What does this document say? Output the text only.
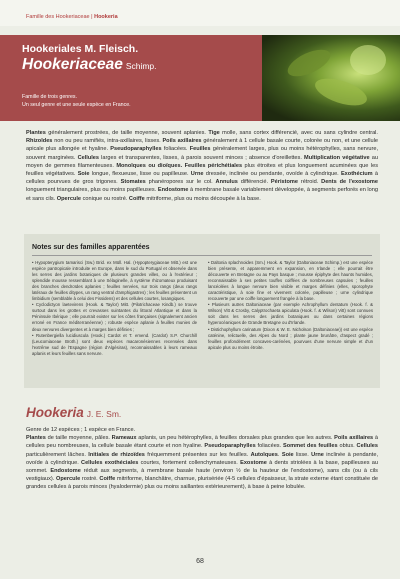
Famille des Hookeriaceae | Hookeria
Hookeriales M. Fleisch.
Hookeriaceae Schimp.
Famille de trois genres.
Un seul genre et une seule espèce en France.
Plantes généralement prostrées, de taille moyenne, souvent aplanies. Tige molle, sans cortex différencié, avec ou sans cylindre central. Rhizoïdes non ou peu ramifiés, intra-axillaires, lisses. Poils axillaires généralement à 1 cellule basale courte, colorée ou non, et une cellule apicale plus allongée et hyaline. Pseudoparaphylles foliacées. Feuilles généralement larges, plus ou moins hétérophylles, sans nervure, souvent marginées. Cellules larges et transparentes, lisses, à parois souvent minces ; absence d'oreillettes. Multiplication végétative au moyen de gemmes filamenteuses. Monoïques ou dioïques. Feuilles périchétiales plus étroites et plus longuement acuminées que les feuilles végétatives. Soie longue, flexueuse, lisse ou papilleuse. Urne dressée, inclinée ou pendante, ovoïde à cylindrique. Exothécium à cellules pourvues de gros trigones. Stomates phanéropores sur le col. Annulus différencié. Péristome rétroid. Dents de l'exostome longuement triangulaires, plus ou moins papilleuses. Endostome à membrane basale variablement développée, à segments perforés en long et sans cils. Opercule conique ou rostré. Coiffe mitriforme, plus ou moins découpée à la base.
Notes sur des familles apparentées

• Hypopterygium tamarisci (Sw.) Brid. ex Müll. Hal. (Hypopterygiaceae Mitt.) est une espèce pantropicale introduite en Europe, dans le sud du Portugal et observée dans les serres des jardins botaniques de plusieurs grandes villes, ou à l'extérieur ; splendide mousse ressemblant à une Sélaginelle, à système rhizomateux produisant des branches dendroïdes aplanies ; feuilles nervées, sur trois rangs (deux rangs latéraux de feuilles ditypes, un rang ventral d'amphigastres) ; les feuilles présentent un limbidium (semblable à celui des Fissidens) et des cellules courtes, losangiques.

• Cyclodictyon laetevirens (Hook. & Taylor) Mitt. (Pilotrichaceae Kindb.) se trouve surtout dans les grottes et crevasses suintantes du littoral Atlantique et dans la Péninsule Ibérique ; elle pourrait exister sur les côtes françaises (signalement ancien erroné en France méditerranéenne) ; robuste espèce aplanie à feuilles munies de deux nervures divergentes et à marges bien définies ;

• Rutenbergiella lucidiuscula (Hook.) Cardot et T. emend. (Cardot) S.P. Churchill (Leucomiaceae Broth.) sont deux espèces macaronésiennes recensées dans l'extrême sud de l'Espagne (région d'Algésiras), reconnaissables à leurs rameaux aplanis et leurs feuilles sans nervure.

• Daltonia splachnoides (Sm.) Hook. & Taylor (Daltoniaceae Schimp.) est une espèce bien présente, et apparemment en expansion, en Irlande ; elle pourrait être découverte en Bretagne ou au Pays basque ; mousse épiphyte des haunts humides, reconnaissable à ses petites touffes coiffées de nombreuses capsules ; feuilles lancéolées à longue nervure bien visible et marges définies (elles, sporophyte caractéristique, à soie fine et vivement colorée, papilleuse ; urne cylindrique recouverte par une coiffe longuement frangée à la base.

• Plusieurs autres Daltoniaceae (par exemple Achrophyllum dentatum (Hook. f. & Wilson) Vitt & Crosby, Calyptrochaeta apiculata (Hook. f. & Wilson) Vitt) sont connues soit dans les serres des jardins botaniques ou dans certaines régions hyperocéaniques de Grande Bretagne ou d'Irlande.

• Distichophyllum carinatum (Dixon & W. E. Nicholson (Daltoniaceae)) est une espèce caténine, relictuelle, des Alpes du Nord ; plante jaune brunâtre, d'aspect gradé ; feuilles profondément concaves-carénées, pourvues d'une nervure simple et d'un apicule plus ou moins étroite.

Hookeria J. E. Sm.
Genre de 12 espèces ; 1 espèce en France.
Plantes de taille moyenne, pâles. Rameaux aplanis, un peu hétérophylles, à feuilles dorsales plus grandes que les autres. Poils axillaires à cellules peu nombreuses, la cellule basale étant courte et non hyaline. Pseudoparaphylles foliacées. Sommet des feuilles obtus. Cellules particulièrement lâches. Initiales de rhizoïdes fréquemment présentes sur les feuilles. Autoïques. Soie lisse. Urne inclinée à pendante, ovoïde à cylindrique. Cellules exothéciales courtes, fortement collenchymateuses. Exostome à dents striolées à la base, papilleuses au sommet. Endostome réduit aux segments, à membrane basale haute (environ ½ de la hauteur de l'endostome), sans cils (ou à cils vestigiaux). Opercule rostré. Coiffe mitriforme, blanchâtre, charnue, plurisériée (4-5 cellules d'épaisseur, la strate externe étant constituée de grandes cellules à parois minces (hyalodermie) plus ou moins saillantes extérieurement), à base à peine lobulée.
68
